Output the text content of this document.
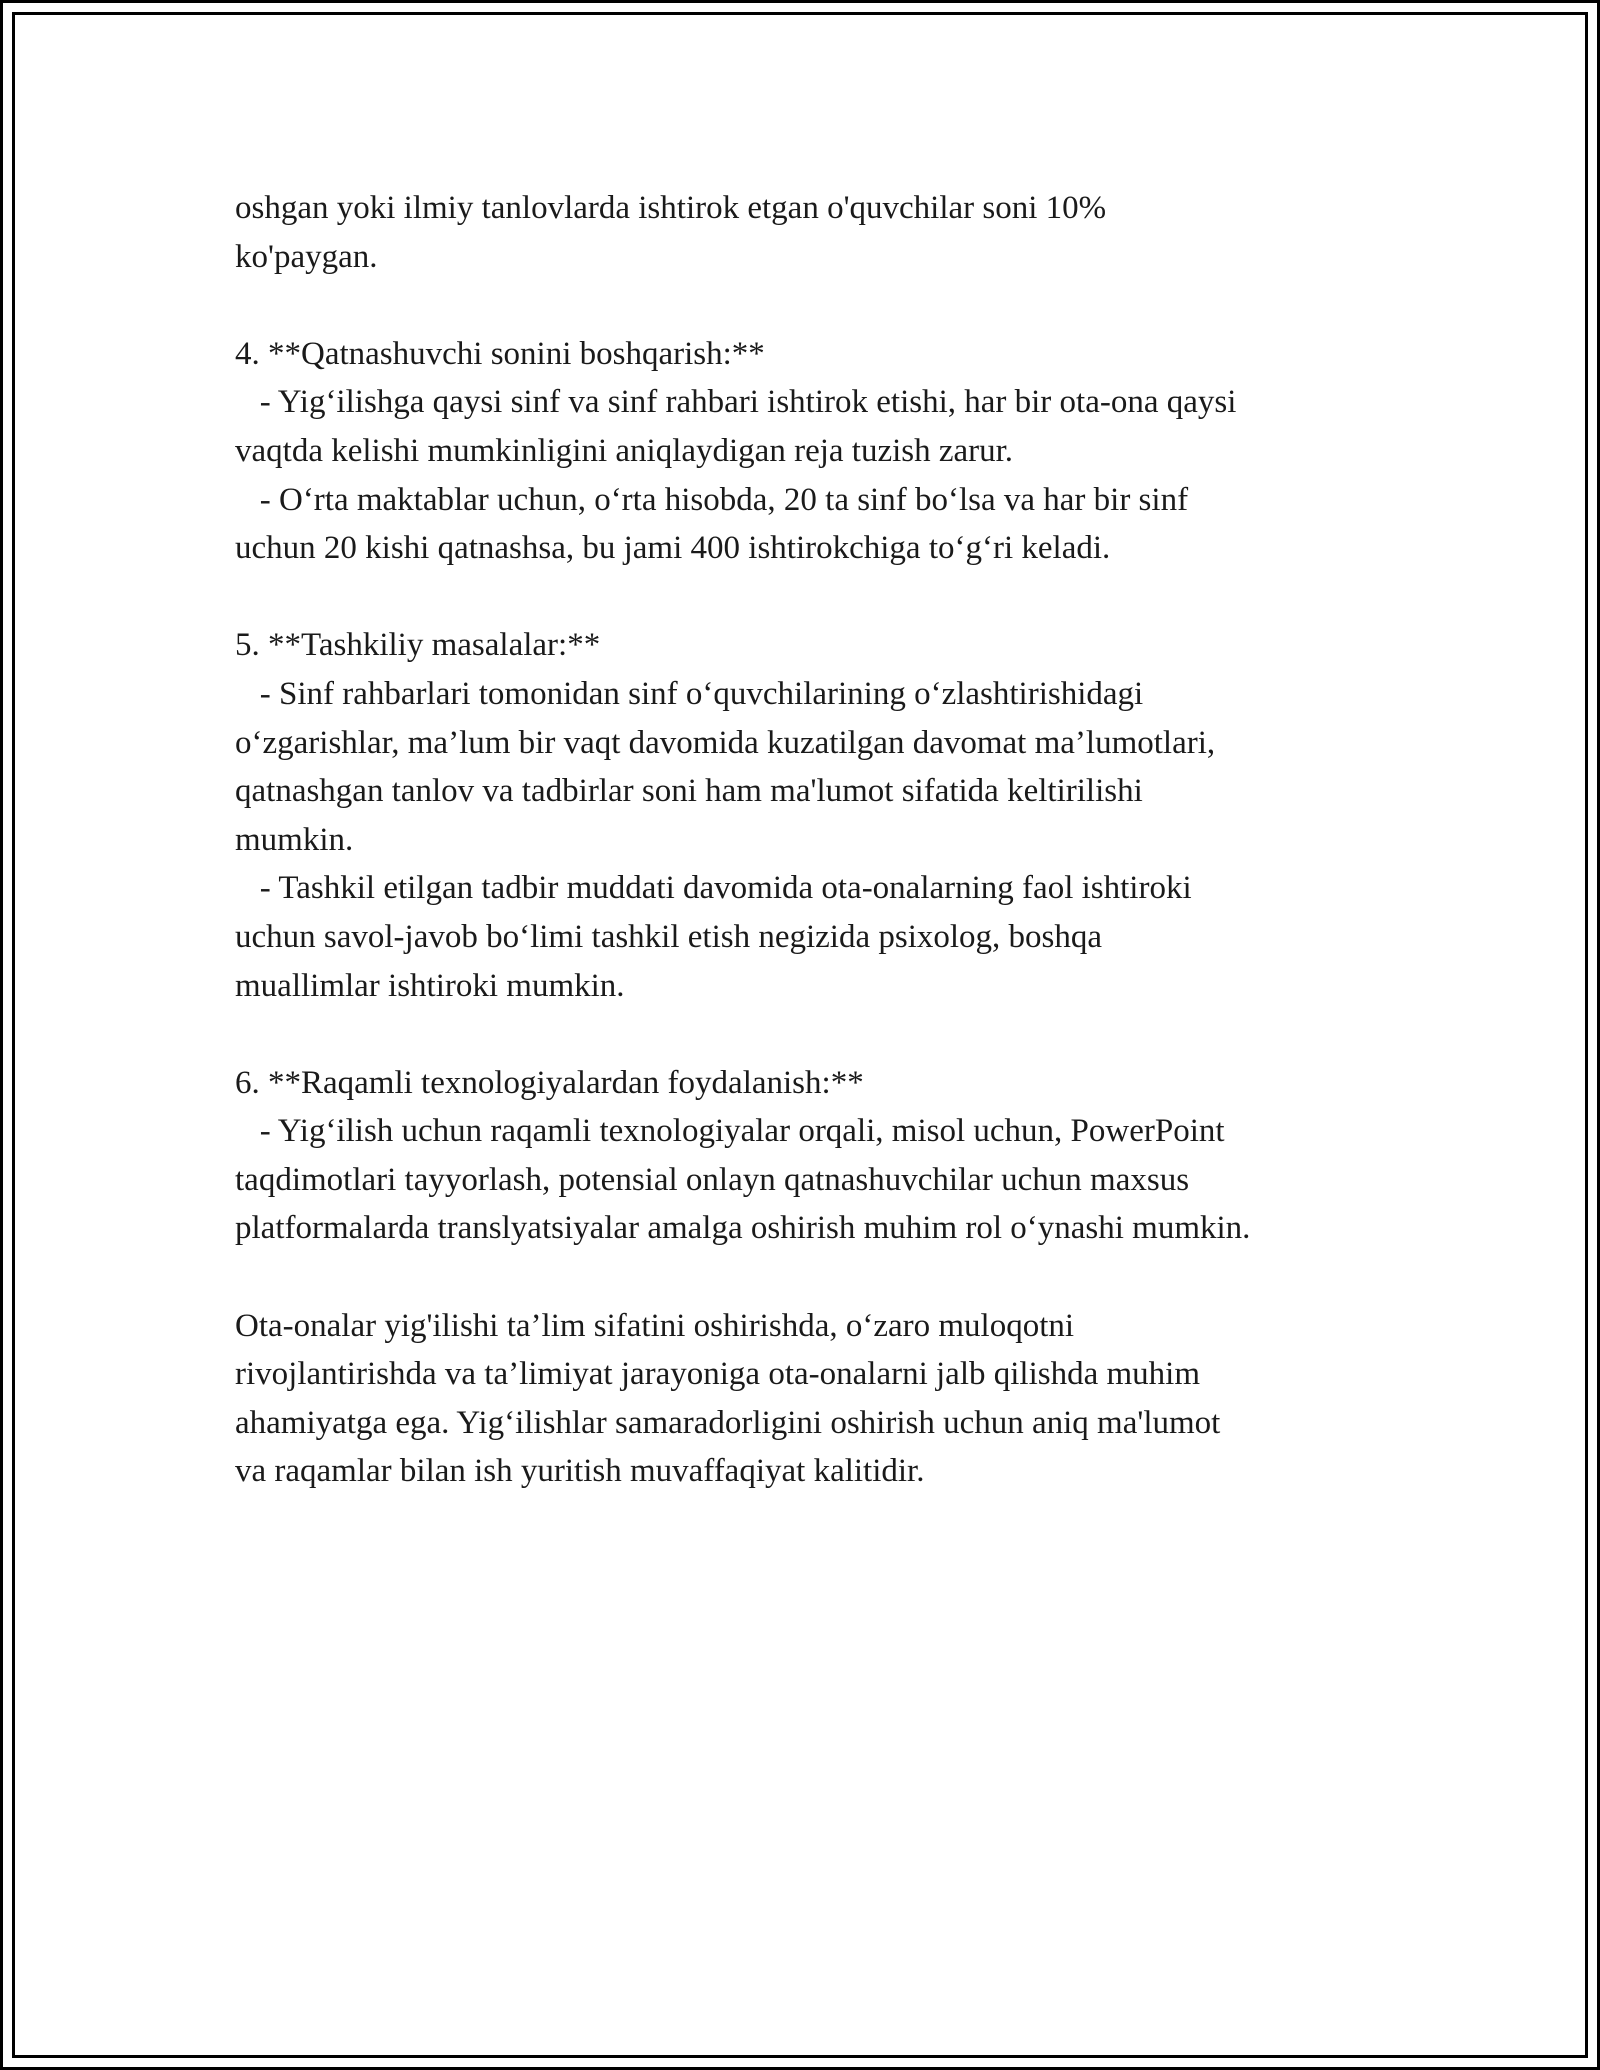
oshgan yoki ilmiy tanlovlarda ishtirok etgan o'quvchilar soni 10%
ko'paygan.
4. **Qatnashuvchi sonini boshqarish:**
- Yig‘ilishga qaysi sinf va sinf rahbari ishtirok etishi, har bir ota-ona qaysi
vaqtda kelishi mumkinligini aniqlaydigan reja tuzish zarur.
- O‘rta maktablar uchun, o‘rta hisobda, 20 ta sinf bo‘lsa va har bir sinf
uchun 20 kishi qatnashsa, bu jami 400 ishtirokchiga to‘g‘ri keladi.
5. **Tashkiliy masalalar:**
- Sinf rahbarlari tomonidan sinf o‘quvchilarining o‘zlashtirishidagi
o‘zgarishlar, ma’lum bir vaqt davomida kuzatilgan davomat ma’lumotlari,
qatnashgan tanlov va tadbirlar soni ham ma'lumot sifatida keltirilishi
mumkin.
- Tashkil etilgan tadbir muddati davomida ota-onalarning faol ishtiroki
uchun savol-javob bo‘limi tashkil etish negizida psixolog, boshqa
muallimlar ishtiroki mumkin.
6. **Raqamli texnologiyalardan foydalanish:**
- Yig‘ilish uchun raqamli texnologiyalar orqali, misol uchun, PowerPoint
taqdimotlari tayyorlash, potensial onlayn qatnashuvchilar uchun maxsus
platformalarda translyatsiyalar amalga oshirish muhim rol o‘ynashi mumkin.
Ota-onalar yig'ilishi ta’lim sifatini oshirishda, o‘zaro muloqotni
rivojlantirishda va ta’limiyat jarayoniga ota-onalarni jalb qilishda muhim
ahamiyatga ega. Yig‘ilishlar samaradorligini oshirish uchun aniq ma'lumot
va raqamlar bilan ish yuritish muvaffaqiyat kalitidir.
